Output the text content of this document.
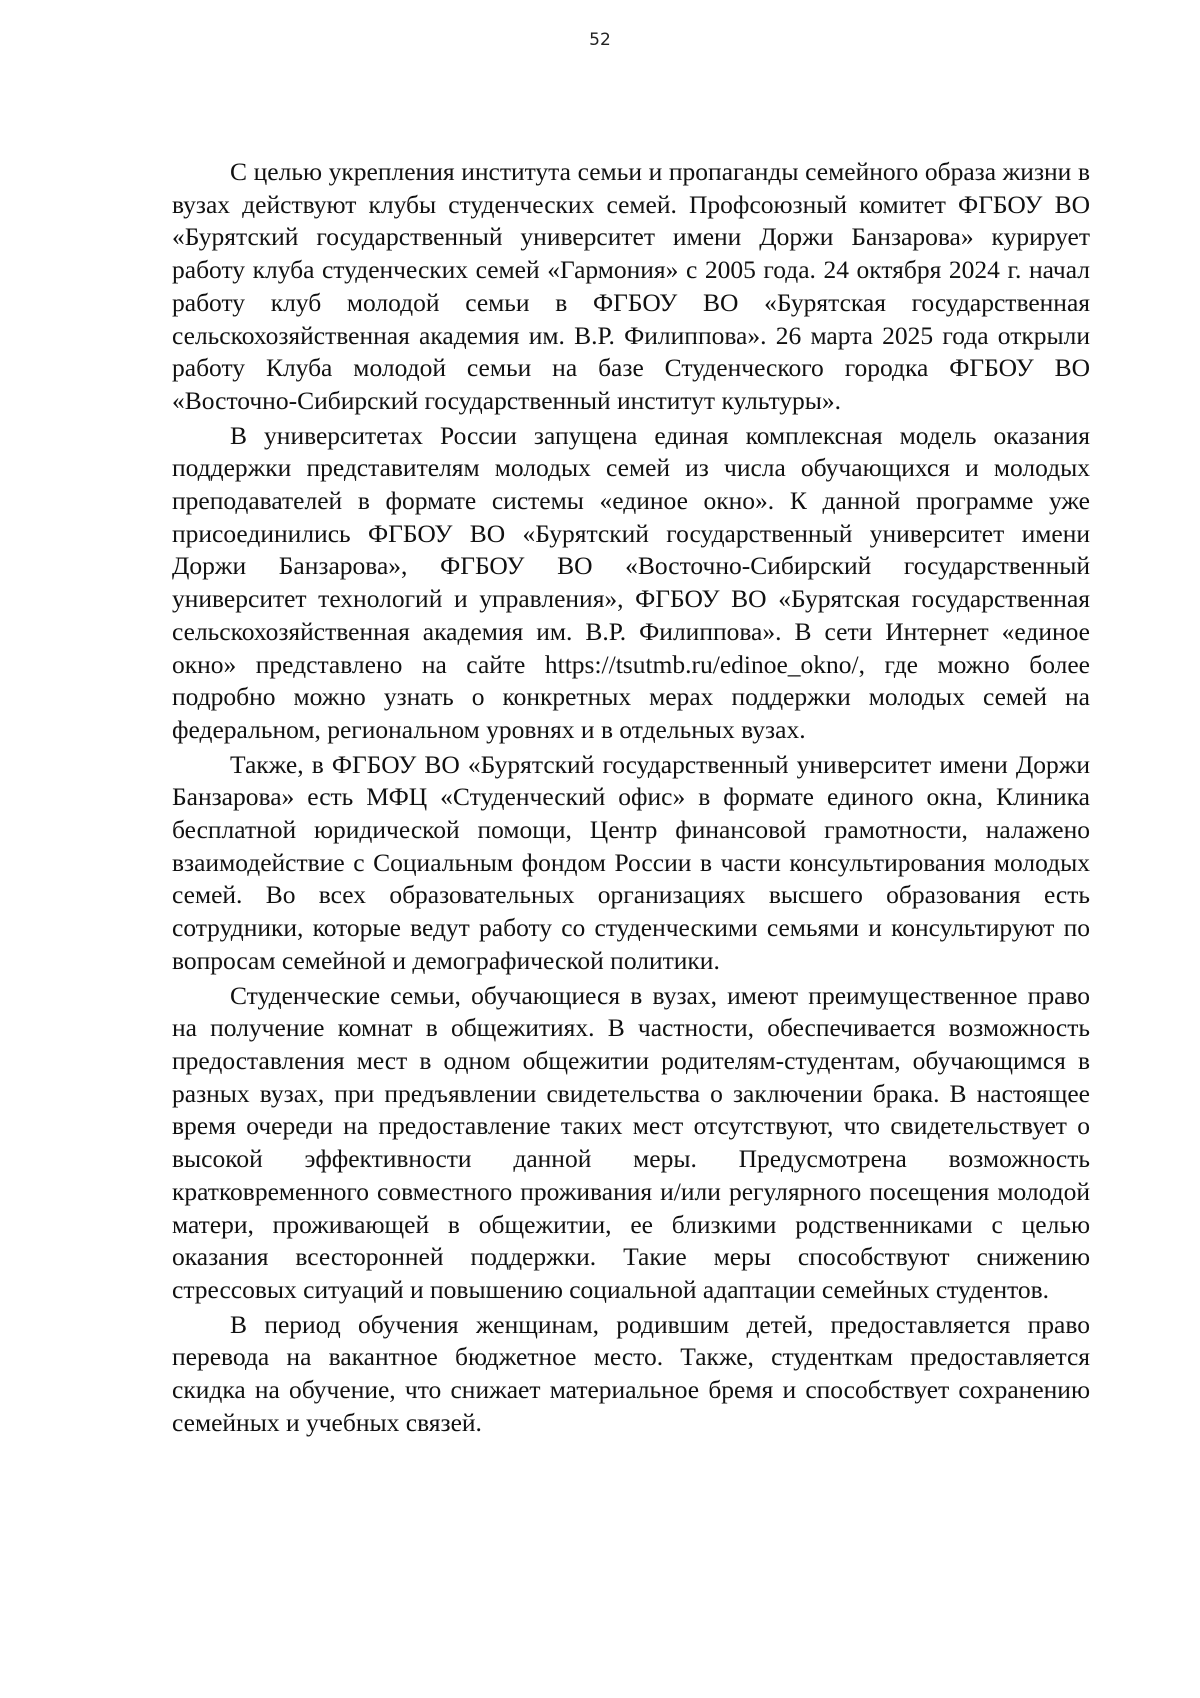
52

С целью укрепления института семьи и пропаганды семейного образа жизни в вузах действуют клубы студенческих семей. Профсоюзный комитет ФГБОУ ВО «Бурятский государственный университет имени Доржи Банзарова» курирует работу клуба студенческих семей «Гармония» с 2005 года. 24 октября 2024 г. начал работу клуб молодой семьи в ФГБОУ ВО «Бурятская государственная сельскохозяйственная академия им. В.Р. Филиппова». 26 марта 2025 года открыли работу Клуба молодой семьи на базе Студенческого городка ФГБОУ ВО «Восточно-Сибирский государственный институт культуры».

В университетах России запущена единая комплексная модель оказания поддержки представителям молодых семей из числа обучающихся и молодых преподавателей в формате системы «единое окно». К данной программе уже присоединились ФГБОУ ВО «Бурятский государственный университет имени Доржи Банзарова», ФГБОУ ВО «Восточно-Сибирский государственный университет технологий и управления», ФГБОУ ВО «Бурятская государственная сельскохозяйственная академия им. В.Р. Филиппова». В сети Интернет «единое окно» представлено на сайте https://tsutmb.ru/edinoe_okno/, где можно более подробно можно узнать о конкретных мерах поддержки молодых семей на федеральном, региональном уровнях и в отдельных вузах.

Также, в ФГБОУ ВО «Бурятский государственный университет имени Доржи Банзарова» есть МФЦ «Студенческий офис» в формате единого окна, Клиника бесплатной юридической помощи, Центр финансовой грамотности, налажено взаимодействие с Социальным фондом России в части консультирования молодых семей. Во всех образовательных организациях высшего образования есть сотрудники, которые ведут работу со студенческими семьями и консультируют по вопросам семейной и демографической политики.

Студенческие семьи, обучающиеся в вузах, имеют преимущественное право на получение комнат в общежитиях. В частности, обеспечивается возможность предоставления мест в одном общежитии родителям-студентам, обучающимся в разных вузах, при предъявлении свидетельства о заключении брака. В настоящее время очереди на предоставление таких мест отсутствуют, что свидетельствует о высокой эффективности данной меры. Предусмотрена возможность кратковременного совместного проживания и/или регулярного посещения молодой матери, проживающей в общежитии, ее близкими родственниками с целью оказания всесторонней поддержки. Такие меры способствуют снижению стрессовых ситуаций и повышению социальной адаптации семейных студентов.

В период обучения женщинам, родившим детей, предоставляется право перевода на вакантное бюджетное место. Также, студенткам предоставляется скидка на обучение, что снижает материальное бремя и способствует сохранению семейных и учебных связей.
